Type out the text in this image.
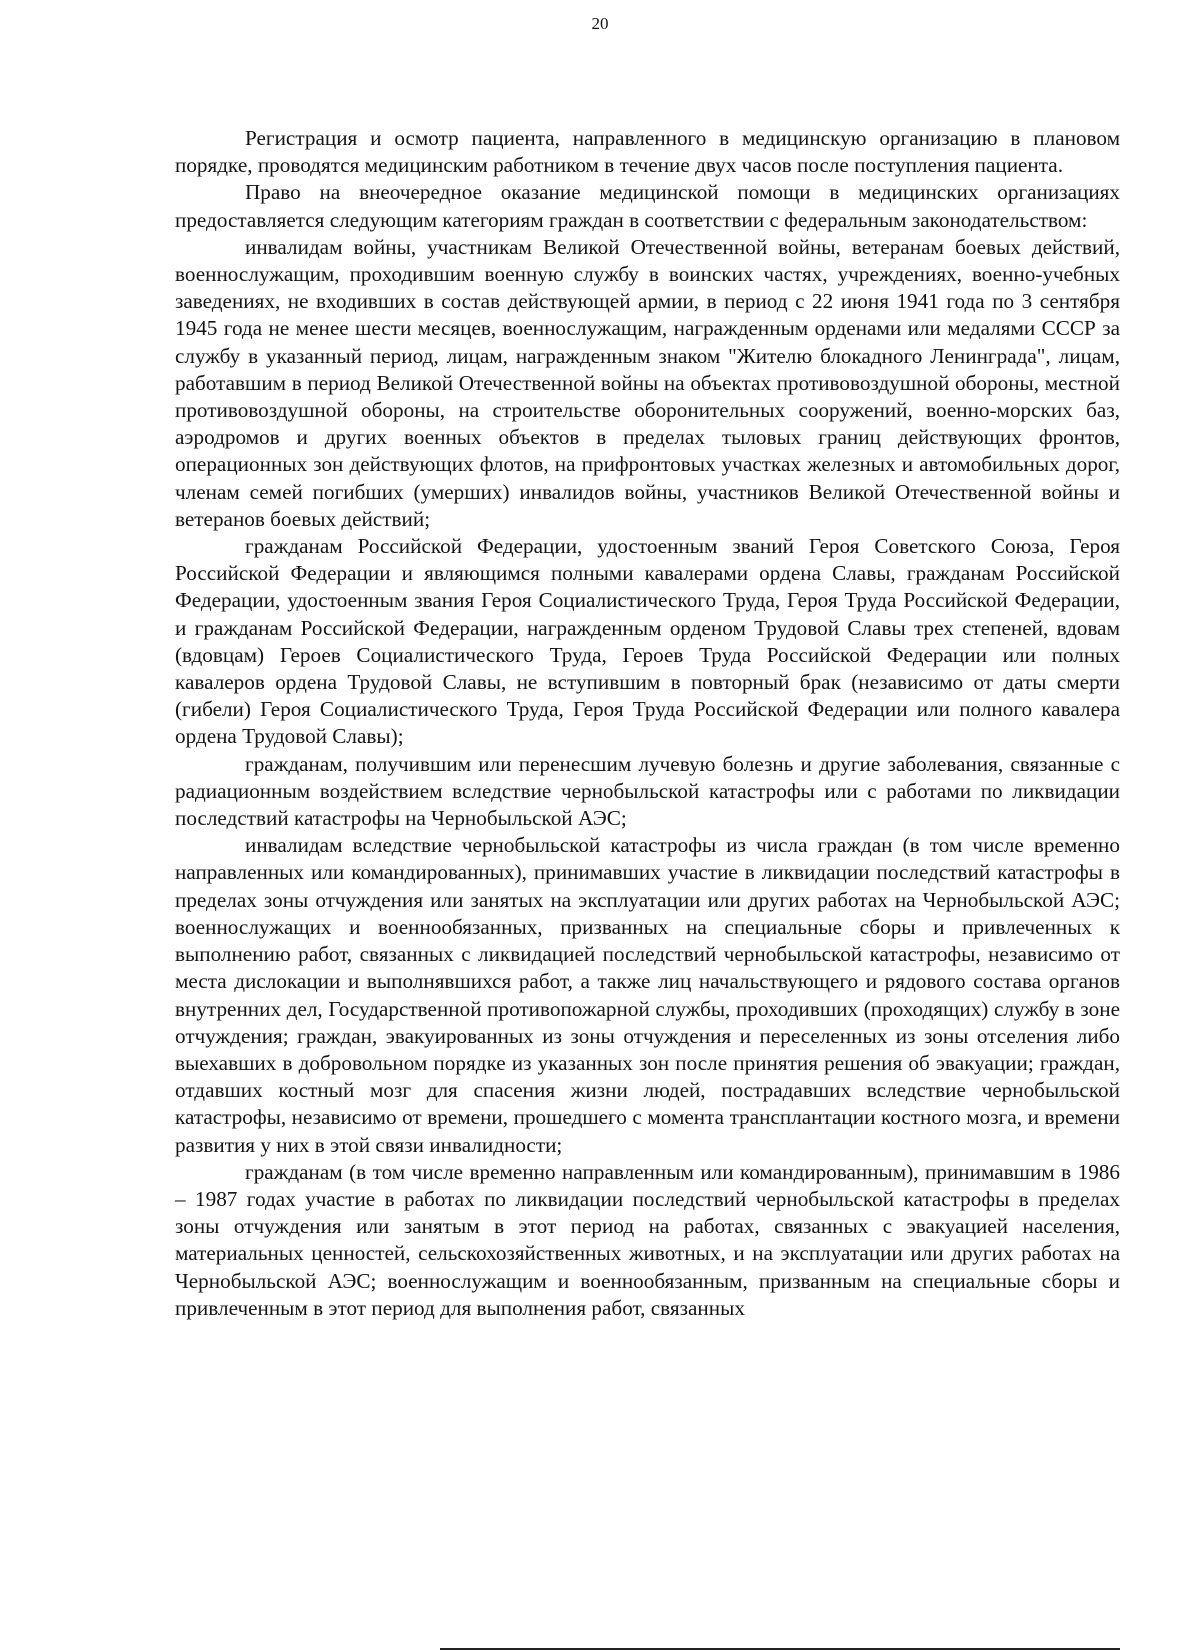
20

Регистрация и осмотр пациента, направленного в медицинскую организацию в плановом порядке, проводятся медицинским работником в течение двух часов после поступления пациента.

Право на внеочередное оказание медицинской помощи в медицинских организациях предоставляется следующим категориям граждан в соответствии с федеральным законодательством:

инвалидам войны, участникам Великой Отечественной войны, ветеранам боевых действий, военнослужащим, проходившим военную службу в воинских частях, учреждениях, военно-учебных заведениях, не входивших в состав действующей армии, в период с 22 июня 1941 года по 3 сентября 1945 года не менее шести месяцев, военнослужащим, награжденным орденами или медалями СССР за службу в указанный период, лицам, награжденным знаком "Жителю блокадного Ленинграда", лицам, работавшим в период Великой Отечественной войны на объектах противовоздушной обороны, местной противовоздушной обороны, на строительстве оборонительных сооружений, военно-морских баз, аэродромов и других военных объектов в пределах тыловых границ действующих фронтов, операционных зон действующих флотов, на прифронтовых участках железных и автомобильных дорог, членам семей погибших (умерших) инвалидов войны, участников Великой Отечественной войны и ветеранов боевых действий;

гражданам Российской Федерации, удостоенным званий Героя Советского Союза, Героя Российской Федерации и являющимся полными кавалерами ордена Славы, гражданам Российской Федерации, удостоенным звания Героя Социалистического Труда, Героя Труда Российской Федерации, и гражданам Российской Федерации, награжденным орденом Трудовой Славы трех степеней, вдовам (вдовцам) Героев Социалистического Труда, Героев Труда Российской Федерации или полных кавалеров ордена Трудовой Славы, не вступившим в повторный брак (независимо от даты смерти (гибели) Героя Социалистического Труда, Героя Труда Российской Федерации или полного кавалера ордена Трудовой Славы);

гражданам, получившим или перенесшим лучевую болезнь и другие заболевания, связанные с радиационным воздействием вследствие чернобыльской катастрофы или с работами по ликвидации последствий катастрофы на Чернобыльской АЭС;

инвалидам вследствие чернобыльской катастрофы из числа граждан (в том числе временно направленных или командированных), принимавших участие в ликвидации последствий катастрофы в пределах зоны отчуждения или занятых на эксплуатации или других работах на Чернобыльской АЭС; военнослужащих и военнообязанных, призванных на специальные сборы и привлеченных к выполнению работ, связанных с ликвидацией последствий чернобыльской катастрофы, независимо от места дислокации и выполнявшихся работ, а также лиц начальствующего и рядового состава органов внутренних дел, Государственной противопожарной службы, проходивших (проходящих) службу в зоне отчуждения; граждан, эвакуированных из зоны отчуждения и переселенных из зоны отселения либо выехавших в добровольном порядке из указанных зон после принятия решения об эвакуации; граждан, отдавших костный мозг для спасения жизни людей, пострадавших вследствие чернобыльской катастрофы, независимо от времени, прошедшего с момента трансплантации костного мозга, и времени развития у них в этой связи инвалидности;

гражданам (в том числе временно направленным или командированным), принимавшим в 1986 – 1987 годах участие в работах по ликвидации последствий чернобыльской катастрофы в пределах зоны отчуждения или занятым в этот период на работах, связанных с эвакуацией населения, материальных ценностей, сельскохозяйственных животных, и на эксплуатации или других работах на Чернобыльской АЭС; военнослужащим и военнообязанным, призванным на специальные сборы и привлеченным в этот период для выполнения работ, связанных
